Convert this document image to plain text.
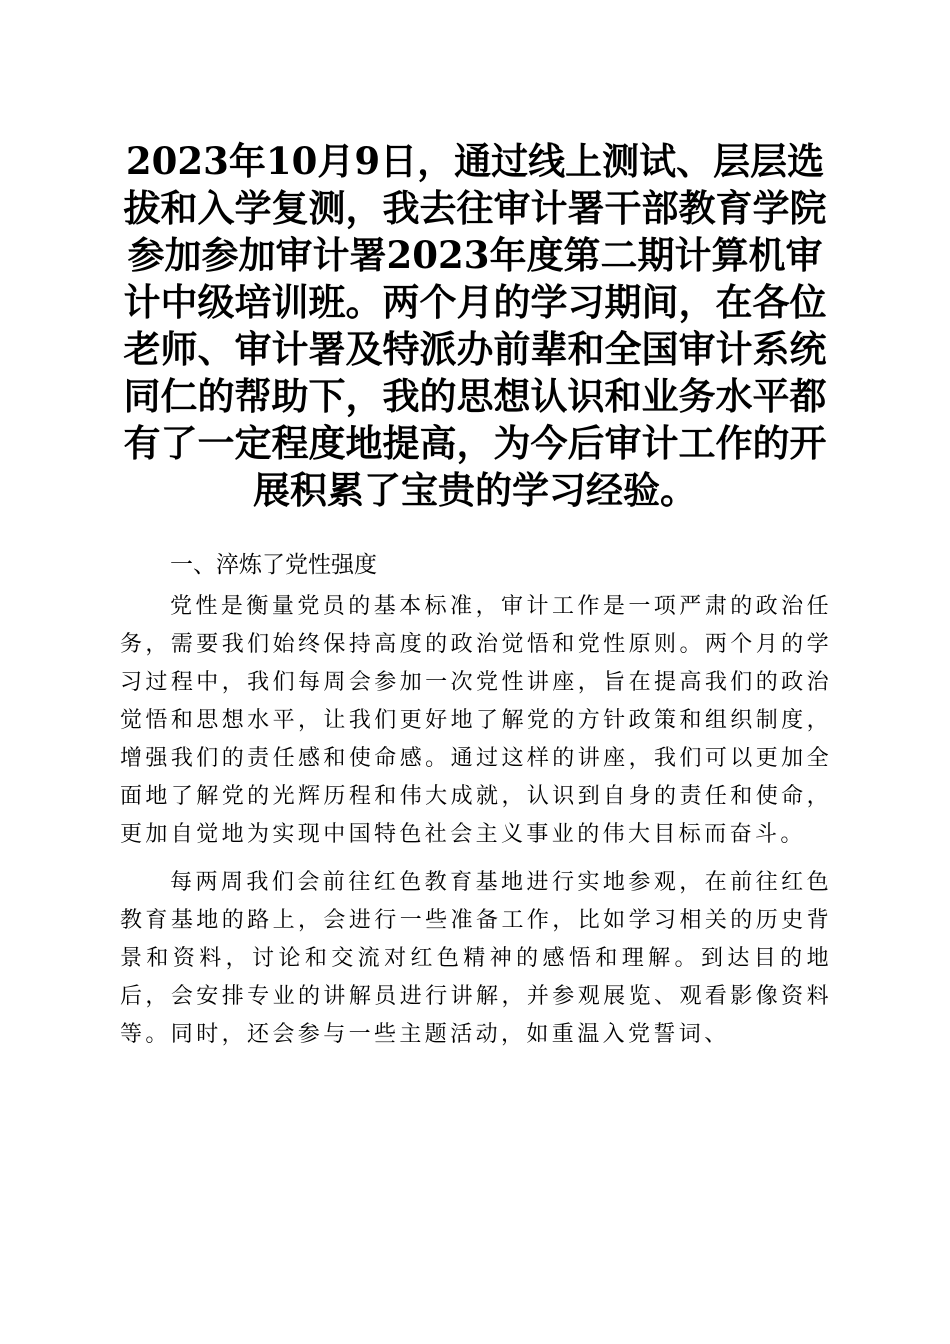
2023年10月9日，通过线上测试、层层选拔和入学复测，我去往审计署干部教育学院参加参加审计署2023年度第二期计算机审计中级培训班。两个月的学习期间，在各位老师、审计署及特派办前辈和全国审计系统同仁的帮助下，我的思想认识和业务水平都有了一定程度地提高，为今后审计工作的开展积累了宝贵的学习经验。
一、淬炼了党性强度

党性是衡量党员的基本标准，审计工作是一项严肃的政治任务，需要我们始终保持高度的政治觉悟和党性原则。两个月的学习过程中，我们每周会参加一次党性讲座，旨在提高我们的政治觉悟和思想水平，让我们更好地了解党的方针政策和组织制度，增强我们的责任感和使命感。通过这样的讲座，我们可以更加全面地了解党的光辉历程和伟大成就，认识到自身的责任和使命，更加自觉地为实现中国特色社会主义事业的伟大目标而奋斗。

每两周我们会前往红色教育基地进行实地参观，在前往红色教育基地的路上，会进行一些准备工作，比如学习相关的历史背景和资料，讨论和交流对红色精神的感悟和理解。到达目的地后，会安排专业的讲解员进行讲解，并参观展览、观看影像资料等。同时，还会参与一些主题活动，如重温入党誓词、
